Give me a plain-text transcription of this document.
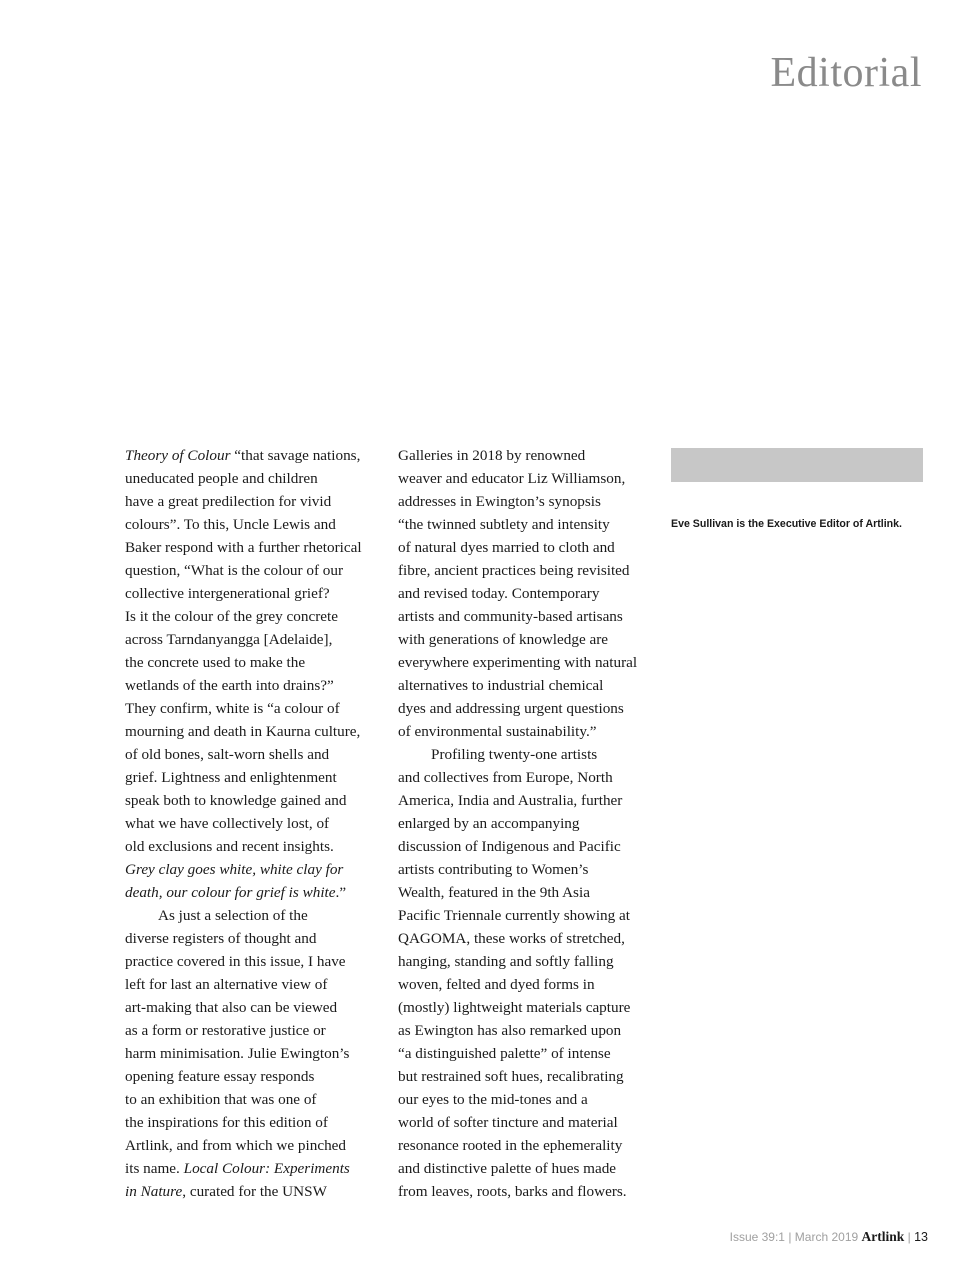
Editorial
Theory of Colour “that savage nations,
uneducated people and children
have a great predilection for vivid
colours”. To this, Uncle Lewis and
Baker respond with a further rhetorical
question, “What is the colour of our
collective intergenerational grief?
Is it the colour of the grey concrete
across Tarndanyangga [Adelaide],
the concrete used to make the
wetlands of the earth into drains?”
They confirm, white is “a colour of
mourning and death in Kaurna culture,
of old bones, salt-worn shells and
grief. Lightness and enlightenment
speak both to knowledge gained and
what we have collectively lost, of
old exclusions and recent insights.
Grey clay goes white, white clay for
death, our colour for grief is white.”
As just a selection of the
diverse registers of thought and
practice covered in this issue, I have
left for last an alternative view of
art-making that also can be viewed
as a form or restorative justice or
harm minimisation. Julie Ewington’s
opening feature essay responds
to an exhibition that was one of
the inspirations for this edition of
Artlink, and from which we pinched
its name. Local Colour: Experiments
in Nature, curated for the UNSW
Galleries in 2018 by renowned
weaver and educator Liz Williamson,
addresses in Ewington’s synopsis
“the twinned subtlety and intensity
of natural dyes married to cloth and
fibre, ancient practices being revisited
and revised today. Contemporary
artists and community-based artisans
with generations of knowledge are
everywhere experimenting with natural
alternatives to industrial chemical
dyes and addressing urgent questions
of environmental sustainability.”
Profiling twenty-one artists
and collectives from Europe, North
America, India and Australia, further
enlarged by an accompanying
discussion of Indigenous and Pacific
artists contributing to Women’s
Wealth, featured in the 9th Asia
Pacific Triennale currently showing at
QAGOMA, these works of stretched,
hanging, standing and softly falling
woven, felted and dyed forms in
(mostly) lightweight materials capture
as Ewington has also remarked upon
“a distinguished palette” of intense
but restrained soft hues, recalibrating
our eyes to the mid-tones and a
world of softer tincture and material
resonance rooted in the ephemerality
and distinctive palette of hues made
from leaves, roots, barks and flowers.
Eve Sullivan is the Executive Editor of Artlink.
Issue 39:1 | March 2019 Artlink | 13
